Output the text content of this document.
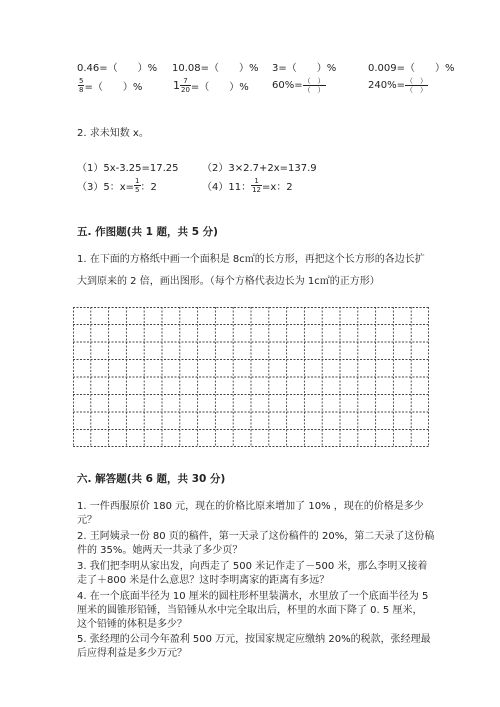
0.46=（　　）% 10.08=（　　）% 3=（　　）%	0.009=（　　）%
$\frac{5}{8}$ =（　　）%	$1 \frac{7}{20}$ =（　　）% $60\%= \frac{( )}{( )}$	$240\%= \frac{( )}{( )}$
2. 求未知数 x。
（1）5x-3.25=17.25 （2）3×2.7+2x=137.9
（3）5：$x= \frac{1}{5}$ ：2	（4）11： $\frac{1}{12} =x$：2
五. 作图题(共 1 题，共 5 分)
1. 在下面的方格纸中画一个面积是 8c㎡的长方形，再把这个长方形的各边长扩
大到原来的 2 倍，画出图形。（每个方格代表边长为 1c㎡的正方形）
六. 解答题(共 6 题，共 30 分)
1. 一件西服原价 180 元，现在的价格比原来增加了 10% ，现在的价格是多少
元？
2. 王阿姨录一份 80 页的稿件，第一天录了这份稿件的 20%，第二天录了这份稿
件的 35%。她两天一共录了多少页？
3. 我们把李明从家出发，向西走了 500 米记作走了－500 米，那么李明又接着
走了＋800 米是什么意思？这时李明离家的距离有多远？
4. 在一个底面半径为 10 厘米的圆柱形杯里装满水，水里放了一个底面半径为 5
厘米的圆锥形铅锤，当铅锤从水中完全取出后，杯里的水面下降了 0. 5 厘米，
这个铅锤的体积是多少？
5. 张经理的公司今年盈利 500 万元，按国家规定应缴纳 20%的税款，张经理最
后应得利益是多少万元？
